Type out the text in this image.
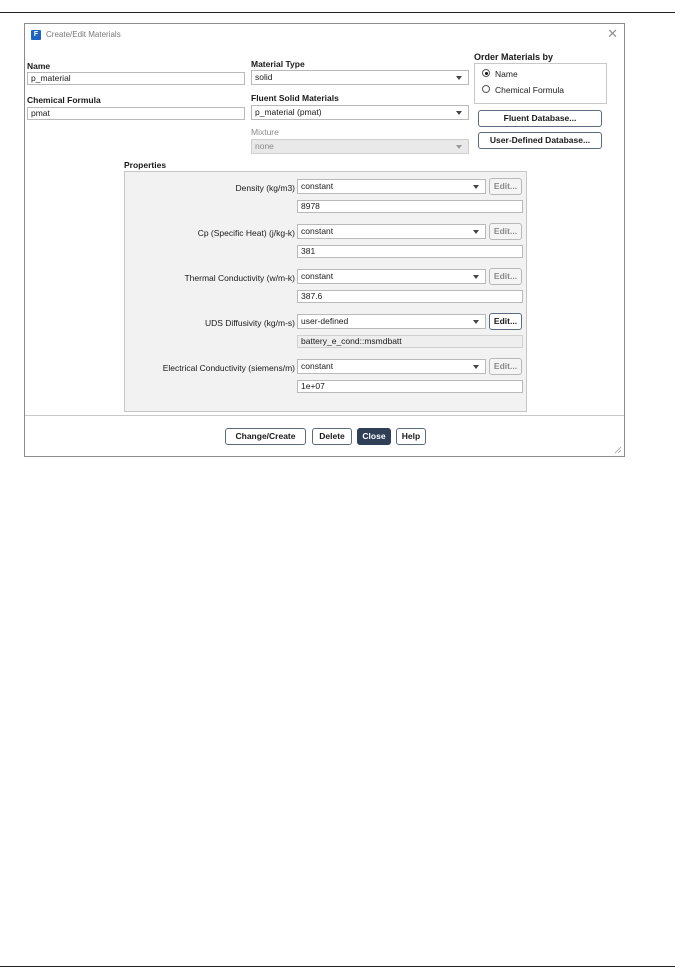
F Create/Edit Materials	✕
Name
p_material
Chemical Formula
pmat
Material Type
solid
Fluent Solid Materials
p_material (pmat)
Mixture
none
Order Materials by
Name
Chemical Formula
Fluent Database...
User-Defined Database...
Properties
Density (kg/m3) constant	Edit...
8978
Cp (Specific Heat) (j/kg-k) constant	Edit...
381
Thermal Conductivity (w/m-k) constant	Edit...
387.6
UDS Diffusivity (kg/m-s) user-defined	Edit...
battery_e_cond::msmdbatt
Electrical Conductivity (siemens/m) constant	Edit...
1e+07
Change/Create	Delete	Close	Help
